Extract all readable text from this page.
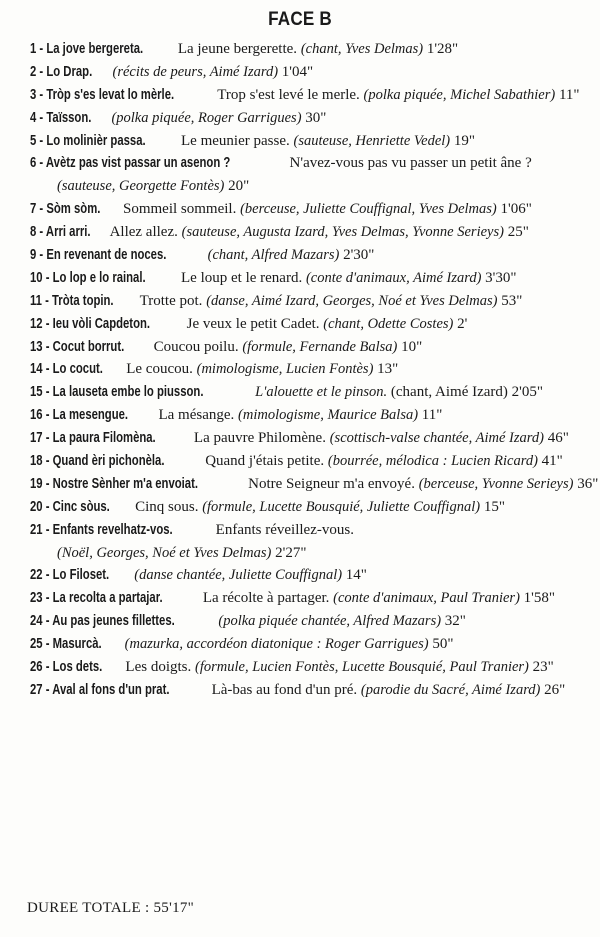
FACE B
1 - La jove bergereta. La jeune bergerette. (chant, Yves Delmas) 1'28"
2 - Lo Drap. (récits de peurs, Aimé Izard) 1'04"
3 - Tròp s'es levat lo mèrle.	Trop s'est levé le merle. (polka piquée, Michel Sabathier) 11"
4 - Taïsson. (polka piquée, Roger Garrigues) 30"
5 - Lo molinièr passa. Le meunier passe. (sauteuse, Henriette Vedel) 19"
6 - Avètz pas vist passar un asenon ?	N'avez-vous pas vu passer un petit âne ?
(sauteuse, Georgette Fontès) 20"
7 - Sòm sòm. Sommeil sommeil. (berceuse, Juliette Couffignal, Yves Delmas) 1'06"
8 - Arri arri. Allez allez. (sauteuse, Augusta Izard, Yves Delmas, Yvonne Serieys) 25"
9 - En revenant de noces.	(chant, Alfred Mazars) 2'30"
10 - Lo lop e lo rainal. Le loup et le renard. (conte d'animaux, Aimé Izard) 3'30"
11 - Tròta topin. Trotte pot. (danse, Aimé Izard, Georges, Noé et Yves Delmas) 53"
12 - Ieu vòli Capdeton. Je veux le petit Cadet. (chant, Odette Costes) 2'
13 - Cocut borrut. Coucou poilu. (formule, Fernande Balsa) 10"
14 - Lo cocut. Le coucou. (mimologisme, Lucien Fontès) 13"
15 - La lauseta embe lo piusson.	L'alouette et le pinson. (chant, Aimé Izard) 2'05"
16 - La mesengue. La mésange. (mimologisme, Maurice Balsa) 11"
17 - La paura Filomèna. La pauvre Philomène. (scottisch-valse chantée, Aimé Izard) 46"
18 - Quand èri pichonèla. Quand j'étais petite. (bourrée, mélodica : Lucien Ricard) 41"
19 - Nostre Sènher m'a envoiat.	Notre Seigneur m'a envoyé. (berceuse, Yvonne Serieys) 36"
20 - Cinc sòus. Cinq sous. (formule, Lucette Bousquié, Juliette Couffignal) 15"
21 - Enfants revelhatz-vos.	Enfants réveillez-vous.
(Noël, Georges, Noé et Yves Delmas) 2'27"
22 - Lo Filoset. (danse chantée, Juliette Couffignal) 14"
23 - La recolta a partajar. La récolte à partager. (conte d'animaux, Paul Tranier) 1'58"
24 - Au pas jeunes fillettes.	(polka piquée chantée, Alfred Mazars) 32"
25 - Masurcà. (mazurka, accordéon diatonique : Roger Garrigues) 50"
26 - Los dets. Les doigts. (formule, Lucien Fontès, Lucette Bousquié, Paul Tranier) 23"
27 - Aval al fons d'un prat.	Là-bas au fond d'un pré. (parodie du Sacré, Aimé Izard) 26"
DUREE TOTALE : 55'17"
